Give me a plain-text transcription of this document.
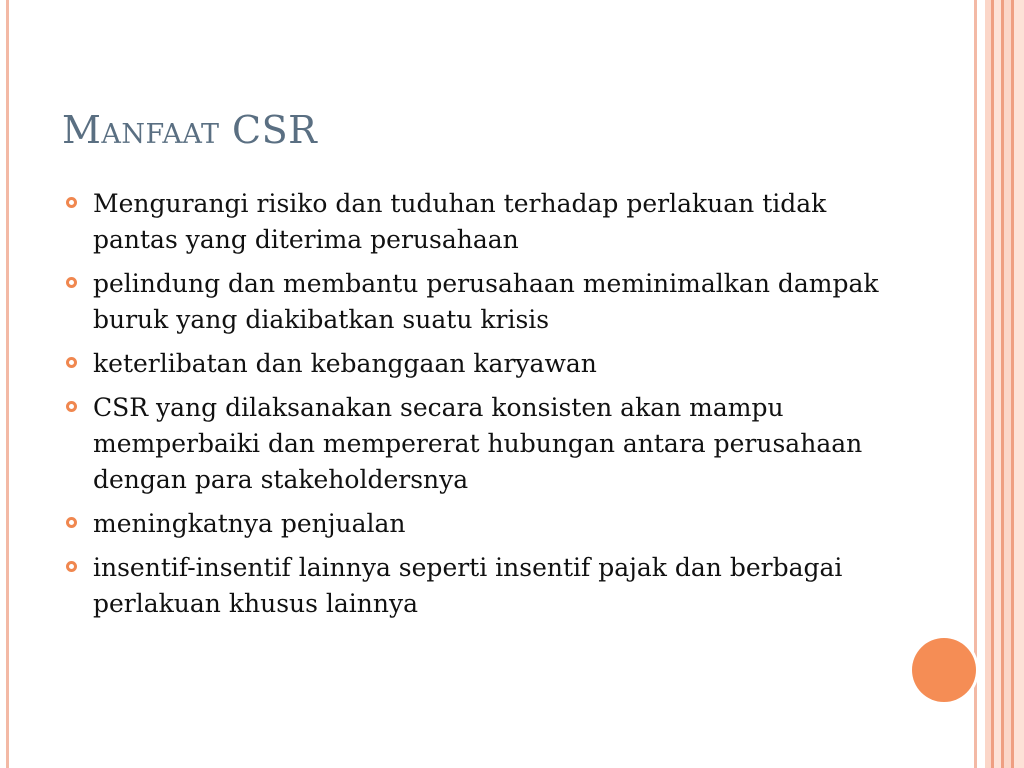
Manfaat CSR
Mengurangi risiko dan tuduhan terhadap perlakuan tidak pantas yang diterima perusahaan
pelindung dan membantu perusahaan meminimalkan dampak buruk yang diakibatkan suatu krisis
keterlibatan dan kebanggaan karyawan
CSR yang dilaksanakan secara konsisten akan mampu memperbaiki dan mempererat hubungan antara perusahaan dengan para stakeholdersnya
meningkatnya penjualan
insentif-insentif lainnya seperti insentif pajak dan berbagai perlakuan khusus lainnya
